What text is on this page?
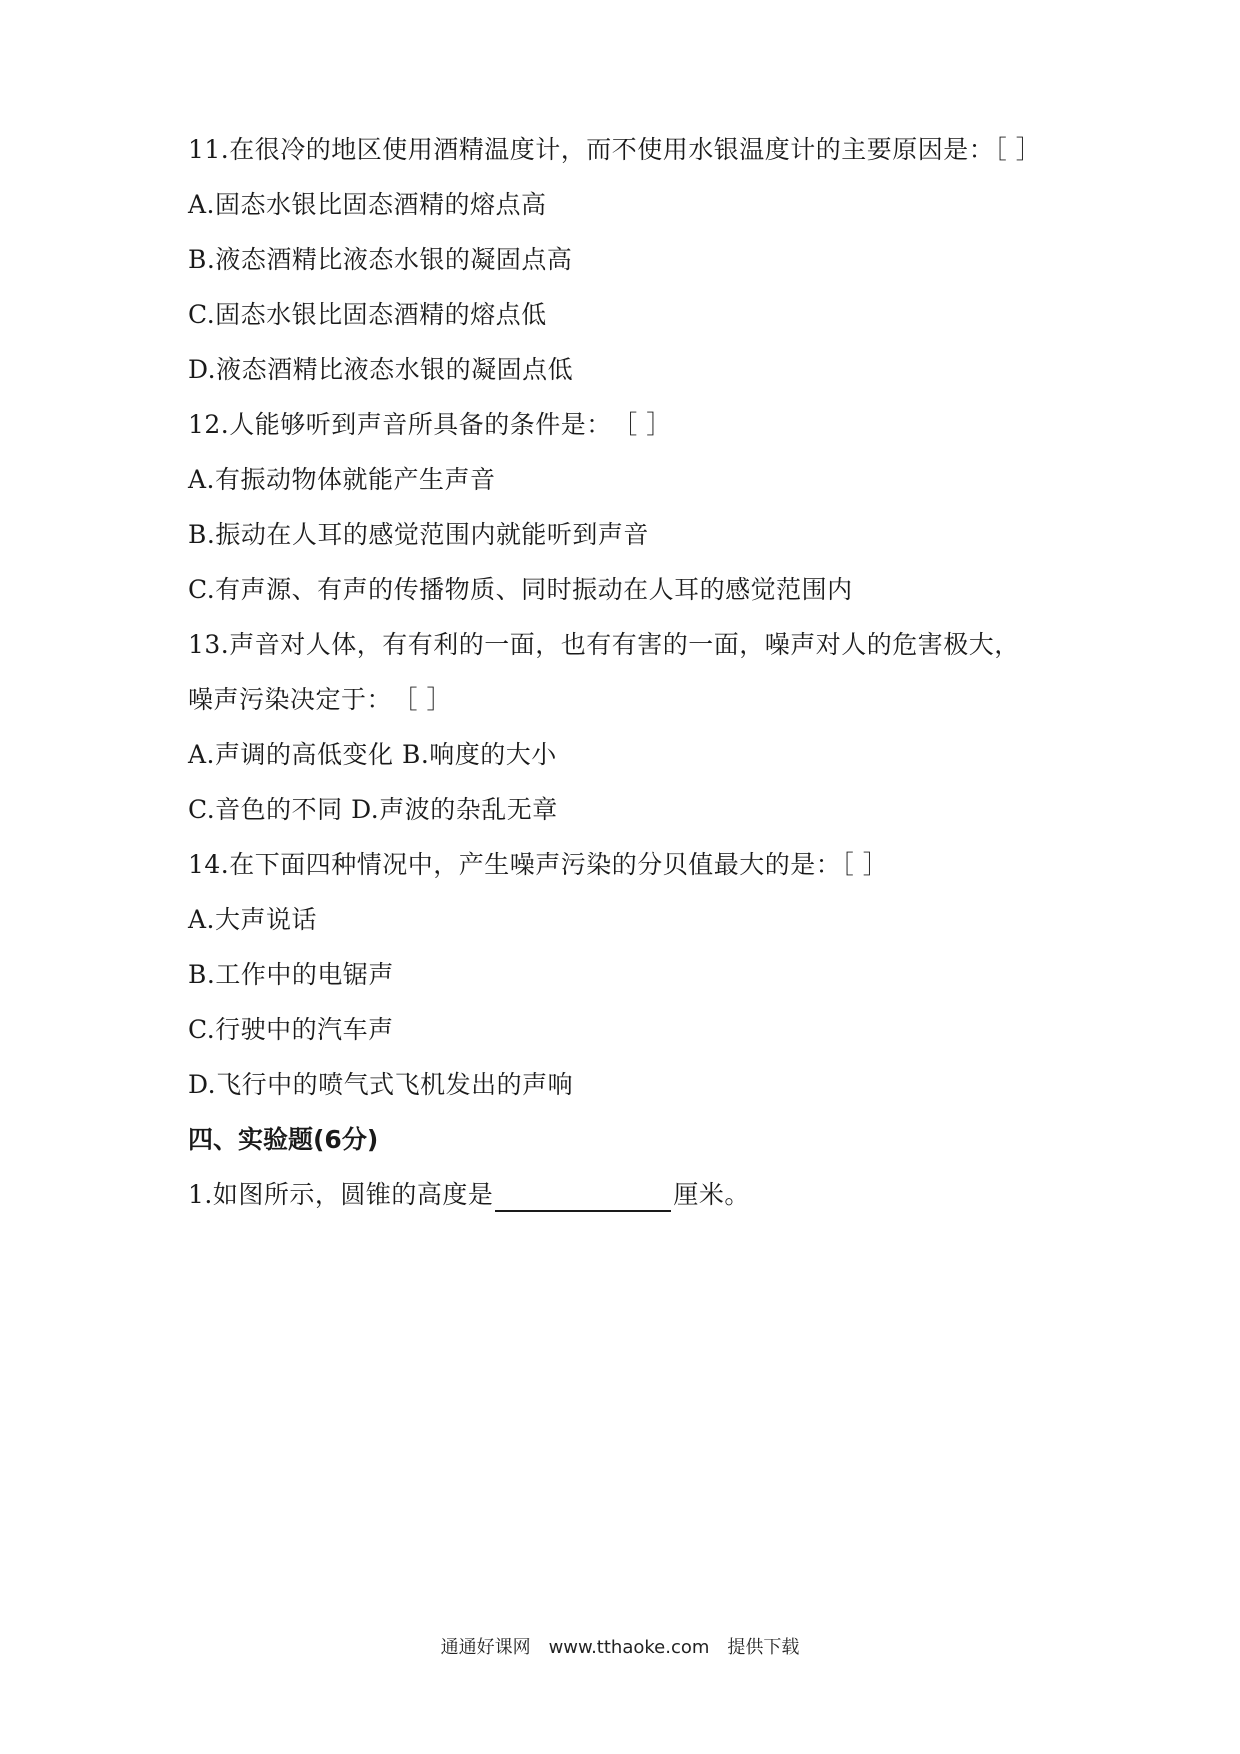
11.在很冷的地区使用酒精温度计，而不使用水银温度计的主要原因是：［ ］
A.固态水银比固态酒精的熔点高
B.液态酒精比液态水银的凝固点高
C.固态水银比固态酒精的熔点低
D.液态酒精比液态水银的凝固点低
12.人能够听到声音所具备的条件是：　［ ］
A.有振动物体就能产生声音
B.振动在人耳的感觉范围内就能听到声音
C.有声源、有声的传播物质、同时振动在人耳的感觉范围内
13.声音对人体，有有利的一面，也有有害的一面，噪声对人的危害极大，
噪声污染决定于：　［ ］
A.声调的高低变化 B.响度的大小
C.音色的不同 D.声波的杂乱无章
14.在下面四种情况中，产生噪声污染的分贝值最大的是：［ ］
A.大声说话
B.工作中的电锯声
C.行驶中的汽车声
D.飞行中的喷气式飞机发出的声响
四、实验题(6分)
1.如图所示，圆锥的高度是	厘米。
通通好课网　www.tthaoke.com　提供下载
